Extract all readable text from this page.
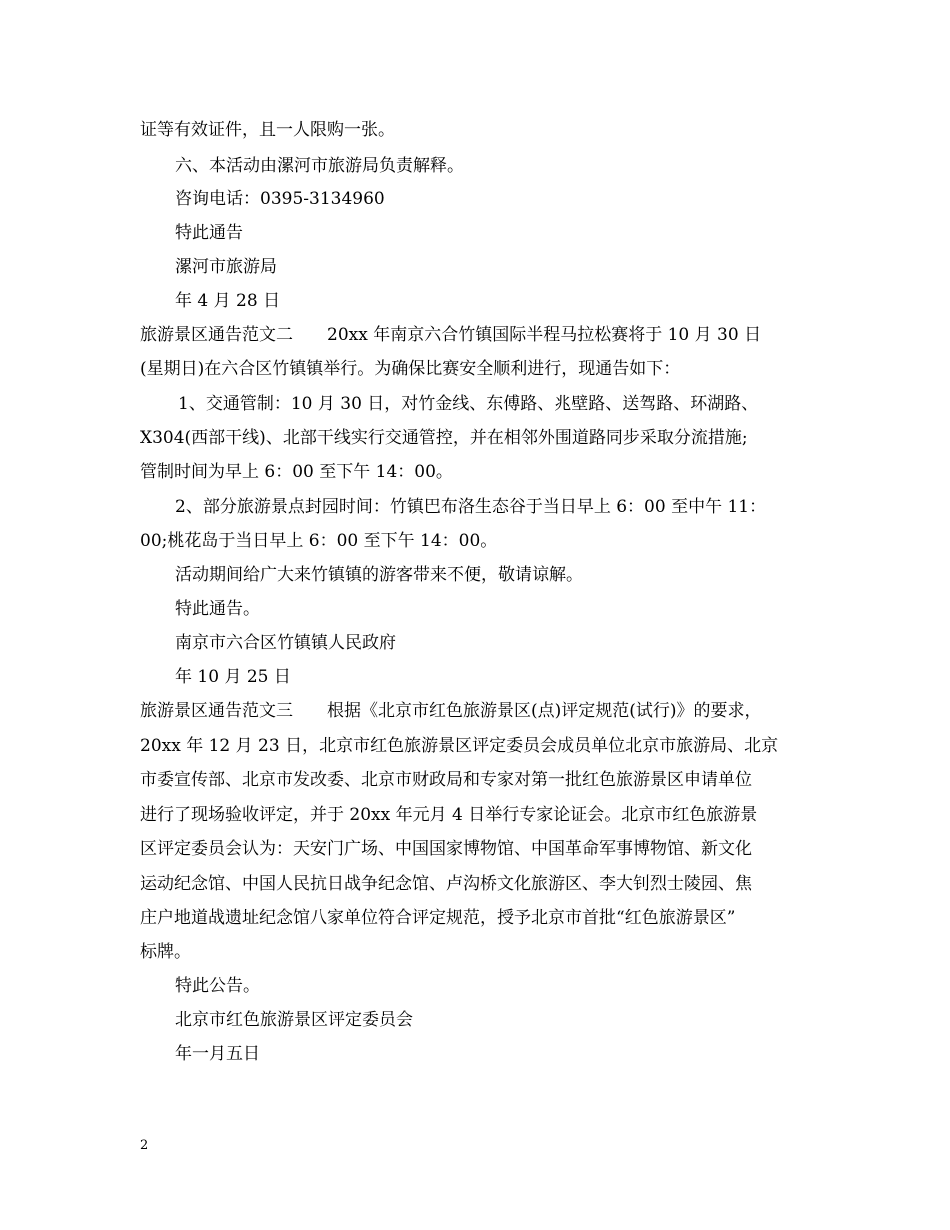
证等有效证件，且一人限购一张。
六、本活动由漯河市旅游局负责解释。
咨询电话：0395-3134960
特此通告
漯河市旅游局
年 4 月 28 日
旅游景区通告范文二　　20xx 年南京六合竹镇国际半程马拉松赛将于 10 月 30 日
(星期日)在六合区竹镇镇举行。为确保比赛安全顺利进行，现通告如下：
1、交通管制：10 月 30 日，对竹金线、东傅路、兆壁路、送驾路、环湖路、
X304(西部干线)、北部干线实行交通管控，并在相邻外围道路同步采取分流措施;
管制时间为早上 6：00 至下午 14：00。
2、部分旅游景点封园时间：竹镇巴布洛生态谷于当日早上 6：00 至中午 11：
00;桃花岛于当日早上 6：00 至下午 14：00。
活动期间给广大来竹镇镇的游客带来不便，敬请谅解。
特此通告。
南京市六合区竹镇镇人民政府
年 10 月 25 日
旅游景区通告范文三　　根据《北京市红色旅游景区(点)评定规范(试行)》的要求，
20xx 年 12 月 23 日，北京市红色旅游景区评定委员会成员单位北京市旅游局、北京
市委宣传部、北京市发改委、北京市财政局和专家对第一批红色旅游景区申请单位
进行了现场验收评定，并于 20xx 年元月 4 日举行专家论证会。北京市红色旅游景
区评定委员会认为：天安门广场、中国国家博物馆、中国革命军事博物馆、新文化
运动纪念馆、中国人民抗日战争纪念馆、卢沟桥文化旅游区、李大钊烈士陵园、焦
庄户地道战遗址纪念馆八家单位符合评定规范，授予北京市首批“红色旅游景区”
标牌。
特此公告。
北京市红色旅游景区评定委员会
年一月五日
2
